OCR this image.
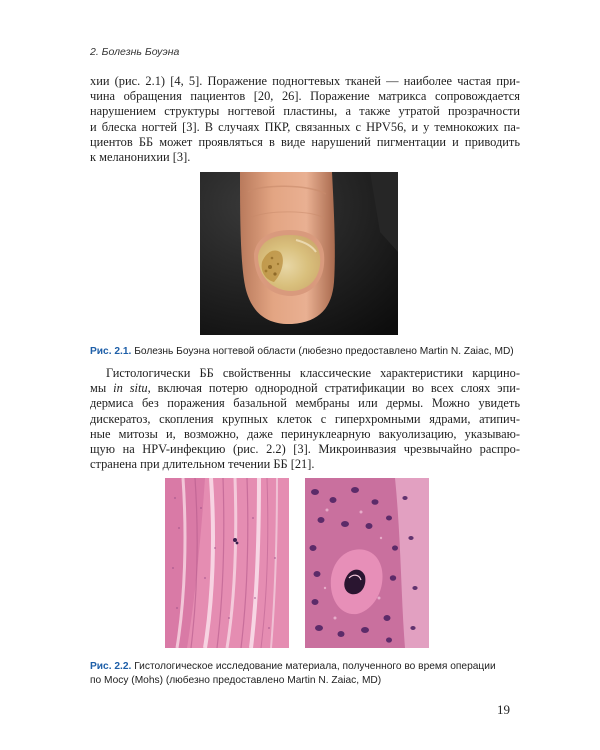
2. Болезнь Боуэна

хии (рис. 2.1) [4, 5]. Поражение подногтевых тканей — наиболее частая при-
чина обращения пациентов [20, 26]. Поражение матрикса сопровождается
нарушением структуры ногтевой пластины, а также утратой прозрачности
и блеска ногтей [3]. В случаях ПКР, связанных с HPV56, и у темнокожих па-
циентов ББ может проявляться в виде нарушений пигментации и приводить
к меланонихии [3].

Рис. 2.1. Болезнь Боуэна ногтевой области (любезно предоставлено Martin N. Zaiac, MD)

Гистологически ББ свойственны классические характеристики карцино-
мы in situ, включая потерю однородной стратификации во всех слоях эпи-
дермиса без поражения базальной мембраны или дермы. Можно увидеть
дискератоз, скопления крупных клеток с гиперхромными ядрами, атипич-
ные митозы и, возможно, даже перинуклеарную вакуолизацию, указываю-
щую на HPV-инфекцию (рис. 2.2) [3]. Микроинвазия чрезвычайно распро-
странена при длительном течении ББ [21].

Рис. 2.2. Гистологическое исследование материала, полученного во время операции
по Мосу (Mohs) (любезно предоставлено Martin N. Zaiac, MD)
19
